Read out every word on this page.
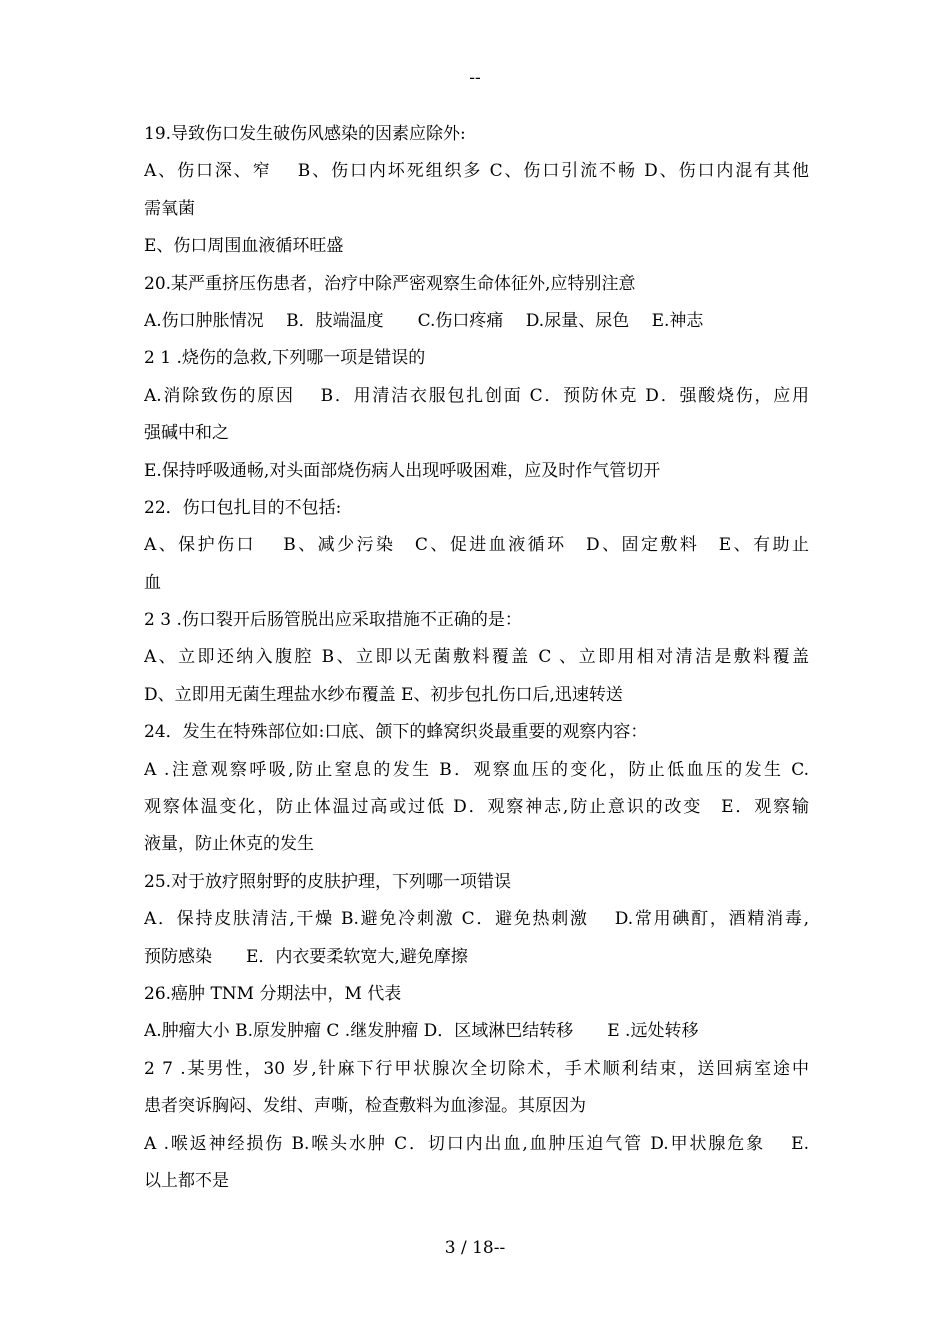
--
19.导致伤口发生破伤风感染的因素应除外:
A、伤口深、窄　 B、伤口内坏死组织多 C、伤口引流不畅 D、伤口内混有其他
需氧菌
E、伤口周围血液循环旺盛
20.某严重挤压伤患者，治疗中除严密观察生命体征外,应特别注意
A.伤口肿胀情况　 B．肢端温度　　C.伤口疼痛　 D.尿量、尿色　 E.神志
2 1 .烧伤的急救,下列哪一项是错误的
A.消除致伤的原因　 B．用清洁衣服包扎创面 C．预防休克 D．强酸烧伤，应用
强碱中和之
E.保持呼吸通畅,对头面部烧伤病人出现呼吸困难，应及时作气管切开
22．伤口包扎目的不包括:
A、保护伤口　 B、减少污染　C、促进血液循环　D、固定敷料　E、有助止
血
2 3 .伤口裂开后肠管脱出应采取措施不正确的是：
A、立即还纳入腹腔 B、立即以无菌敷料覆盖 C 、立即用相对清洁是敷料覆盖
D、立即用无菌生理盐水纱布覆盖 E、初步包扎伤口后,迅速转送
24．发生在特殊部位如:口底、颌下的蜂窝织炎最重要的观察内容：
A .注意观察呼吸,防止窒息的发生 B．观察血压的变化，防止低血压的发生 C.
观察体温变化，防止体温过高或过低 D．观察神志,防止意识的改变　E．观察输
液量，防止休克的发生
25.对于放疗照射野的皮肤护理，下列哪一项错误
A．保持皮肤清洁,干燥 B.避免冷刺激 C．避免热刺激　 D.常用碘酊，酒精消毒,
预防感染　　E．内衣要柔软宽大,避免摩擦
26.癌肿 TNM 分期法中，M 代表
A.肿瘤大小 B.原发肿瘤 C .继发肿瘤 D．区域淋巴结转移　　E .远处转移
2 7 .某男性，30 岁,针麻下行甲状腺次全切除术，手术顺利结束，送回病室途中
患者突诉胸闷、发绀、声嘶，检查敷料为血渗湿。其原因为
A .喉返神经损伤 B.喉头水肿 C．切口内出血,血肿压迫气管 D.甲状腺危象　 E.
以上都不是
3 / 18--
